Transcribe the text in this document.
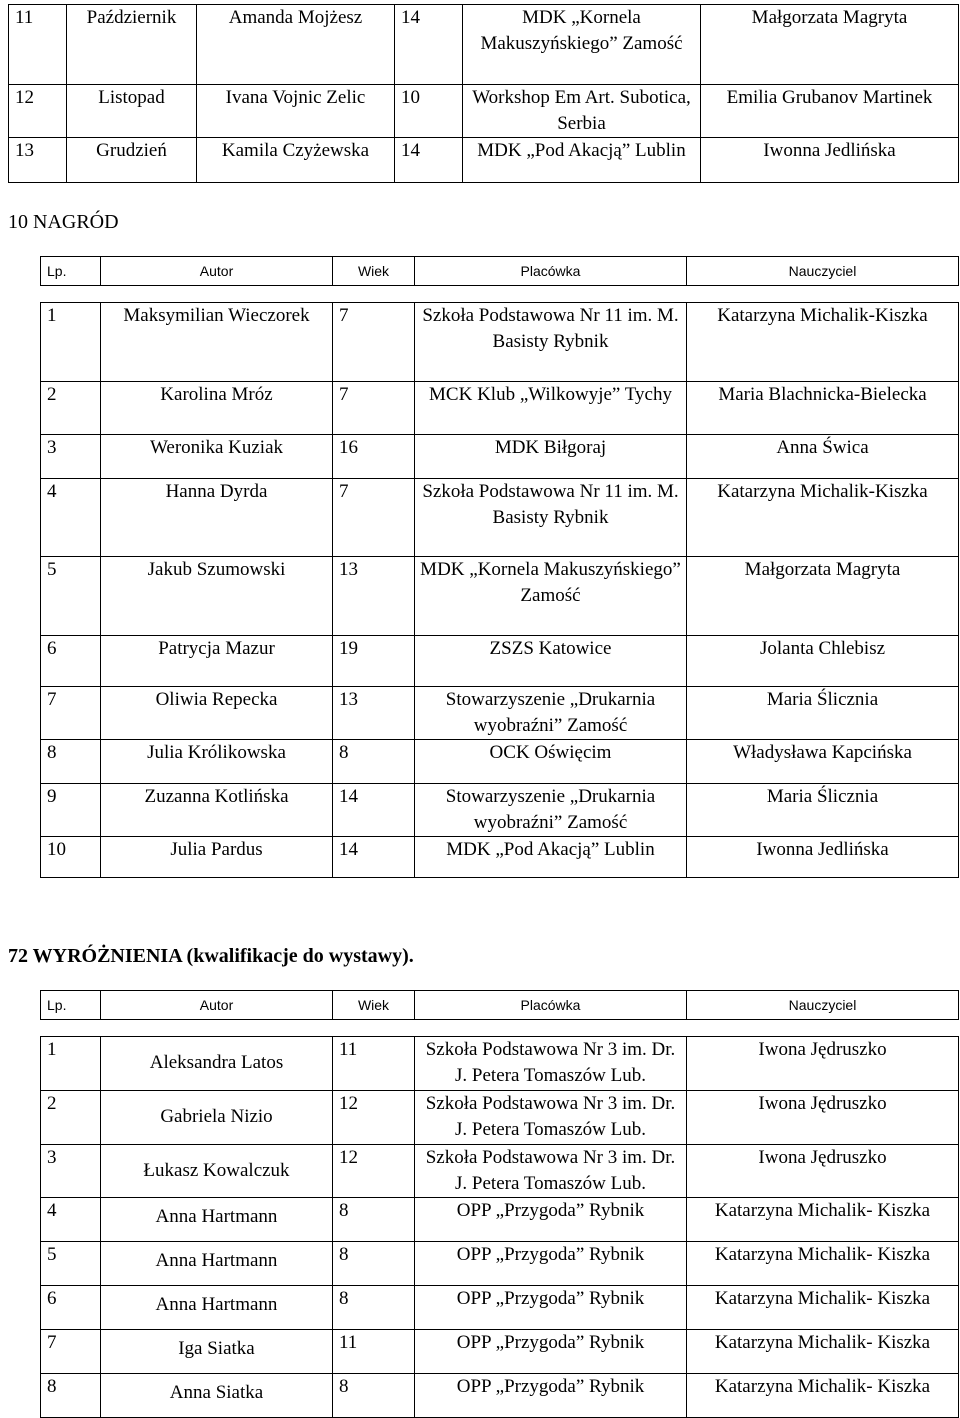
11	Październik	Amanda Mojżesz	14	MDK „Kornela Makuszyńskiego” Zamość	Małgorzata Magryta
12	Listopad	Ivana Vojnic Zelic	10	Workshop Em Art. Subotica, Serbia	Emilia Grubanov Martinek
13	Grudzień	Kamila Czyżewska	14	MDK „Pod Akacją” Lublin	Iwonna Jedlińska
10 NAGRÓD
Lp.	Autor	Wiek	Placówka	Nauczyciel
1	Maksymilian Wieczorek	7	Szkoła Podstawowa Nr 11 im. M. Basisty Rybnik	Katarzyna Michalik-Kiszka
2	Karolina Mróz	7	MCK Klub „Wilkowyje” Tychy	Maria Blachnicka-Bielecka
3	Weronika Kuziak	16	MDK Biłgoraj	Anna Świca
4	Hanna Dyrda	7	Szkoła Podstawowa Nr 11 im. M. Basisty Rybnik	Katarzyna Michalik-Kiszka
5	Jakub Szumowski	13	MDK „Kornela Makuszyńskiego” Zamość	Małgorzata Magryta
6	Patrycja Mazur	19	ZSZS Katowice	Jolanta Chlebisz
7	Oliwia Repecka	13	Stowarzyszenie „Drukarnia wyobraźni” Zamość	Maria Ślicznia
8	Julia Królikowska	8	OCK Oświęcim	Władysława Kapcińska
9	Zuzanna Kotlińska	14	Stowarzyszenie „Drukarnia wyobraźni” Zamość	Maria Ślicznia
10	Julia Pardus	14	MDK „Pod Akacją” Lublin	Iwonna Jedlińska
72 WYRÓŻNIENIA (kwalifikacje do wystawy).
Lp.	Autor	Wiek	Placówka	Nauczyciel
1	Aleksandra Latos	11	Szkoła Podstawowa Nr 3 im. Dr. J. Petera Tomaszów Lub.	Iwona Jędruszko
2	Gabriela Nizio	12	Szkoła Podstawowa Nr 3 im. Dr. J. Petera Tomaszów Lub.	Iwona Jędruszko
3	Łukasz Kowalczuk	12	Szkoła Podstawowa Nr 3 im. Dr. J. Petera Tomaszów Lub.	Iwona Jędruszko
4	Anna Hartmann	8	OPP „Przygoda” Rybnik	Katarzyna Michalik- Kiszka
5	Anna Hartmann	8	OPP „Przygoda” Rybnik	Katarzyna Michalik- Kiszka
6	Anna Hartmann	8	OPP „Przygoda” Rybnik	Katarzyna Michalik- Kiszka
7	Iga Siatka	11	OPP „Przygoda” Rybnik	Katarzyna Michalik- Kiszka
8	Anna Siatka	8	OPP „Przygoda” Rybnik	Katarzyna Michalik- Kiszka
